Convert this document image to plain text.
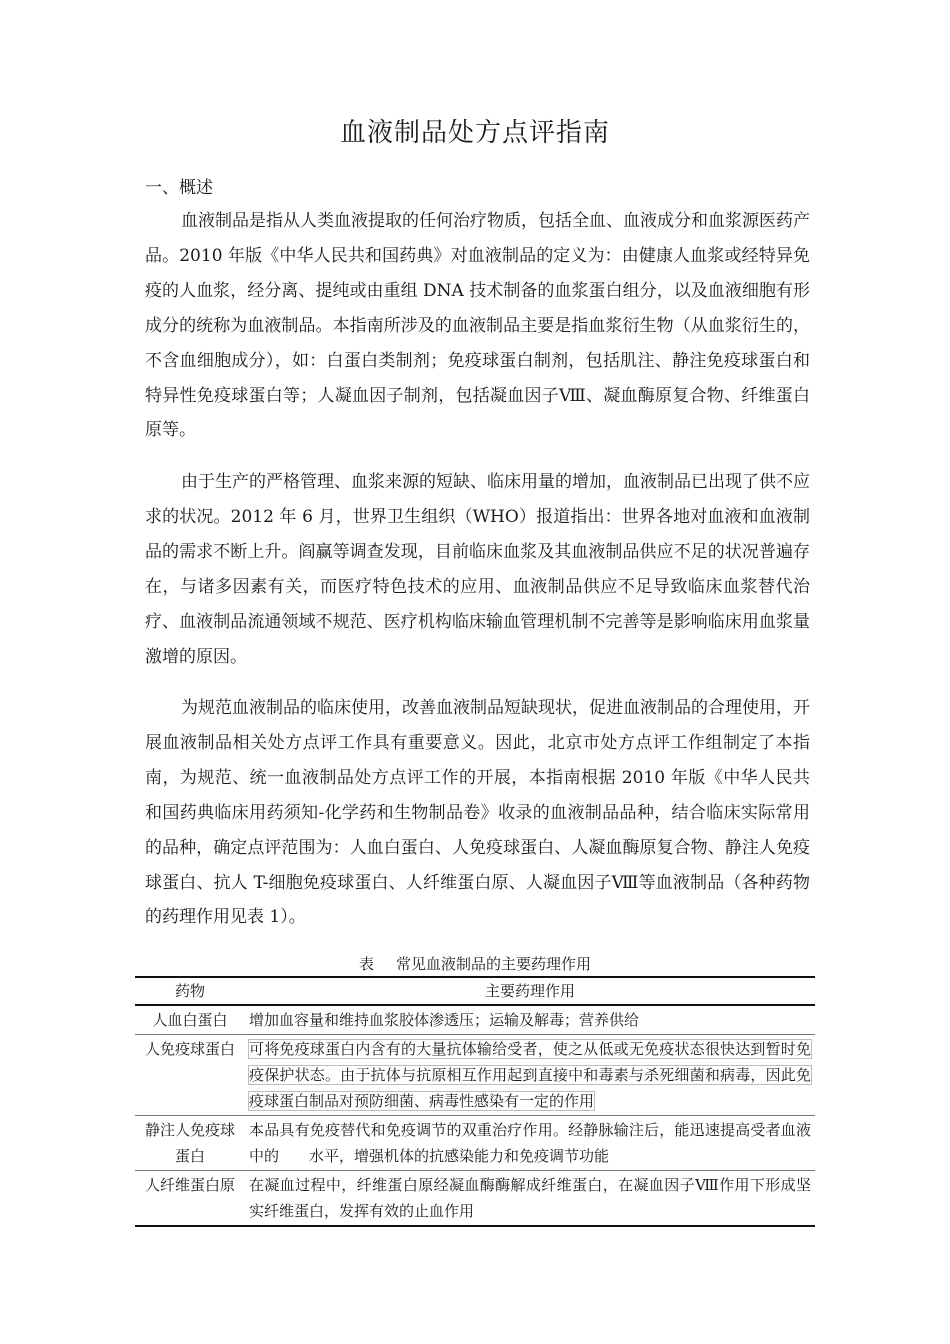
血液制品处方点评指南
一、概述

血液制品是指从人类血液提取的任何治疗物质，包括全血、血液成分和血浆源医药产品。2010 年版《中华人民共和国药典》对血液制品的定义为：由健康人血浆或经特异免疫的人血浆，经分离、提纯或由重组 DNA 技术制备的血浆蛋白组分，以及血液细胞有形成分的统称为血液制品。本指南所涉及的血液制品主要是指血浆衍生物（从血浆衍生的，不含血细胞成分），如：白蛋白类制剂；免疫球蛋白制剂，包括肌注、静注免疫球蛋白和特异性免疫球蛋白等；人凝血因子制剂，包括凝血因子Ⅷ、凝血酶原复合物、纤维蛋白原等。

由于生产的严格管理、血浆来源的短缺、临床用量的增加，血液制品已出现了供不应求的状况。2012 年 6 月，世界卫生组织（WHO）报道指出：世界各地对血液和血液制品的需求不断上升。阎赢等调查发现，目前临床血浆及其血液制品供应不足的状况普遍存在，与诸多因素有关，而医疗特色技术的应用、血液制品供应不足导致临床血浆替代治疗、血液制品流通领域不规范、医疗机构临床输血管理机制不完善等是影响临床用血浆量激增的原因。

为规范血液制品的临床使用，改善血液制品短缺现状，促进血液制品的合理使用，开展血液制品相关处方点评工作具有重要意义。因此，北京市处方点评工作组制定了本指南，为规范、统一血液制品处方点评工作的开展，本指南根据 2010 年版《中华人民共和国药典临床用药须知-化学药和生物制品卷》收录的血液制品品种，结合临床实际常用的品种，确定点评范围为：人血白蛋白、人免疫球蛋白、人凝血酶原复合物、静注人免疫球蛋白、抗人 T-细胞免疫球蛋白、人纤维蛋白原、人凝血因子Ⅷ等血液制品（各种药物的药理作用见表 1）。

表 常见血液制品的主要药理作用
药物	主要药理作用
人血白蛋白	增加血容量和维持血浆胶体渗透压；运输及解毒；营养供给
人免疫球蛋白	可将免疫球蛋白内含有的大量抗体输给受者，使之从低或无免疫状态很快达到暂时免疫保护状态。由于抗体与抗原相互作用起到直接中和毒素与杀死细菌和病毒，因此免疫球蛋白制品对预防细菌、病毒性感染有一定的作用
静注人免疫球蛋白	本品具有免疫替代和免疫调节的双重治疗作用。经静脉输注后，能迅速提高受者血液中的 水平，增强机体的抗感染能力和免疫调节功能
人纤维蛋白原	在凝血过程中，纤维蛋白原经凝血酶酶解成纤维蛋白，在凝血因子Ⅷ作用下形成坚实纤维蛋白，发挥有效的止血作用
